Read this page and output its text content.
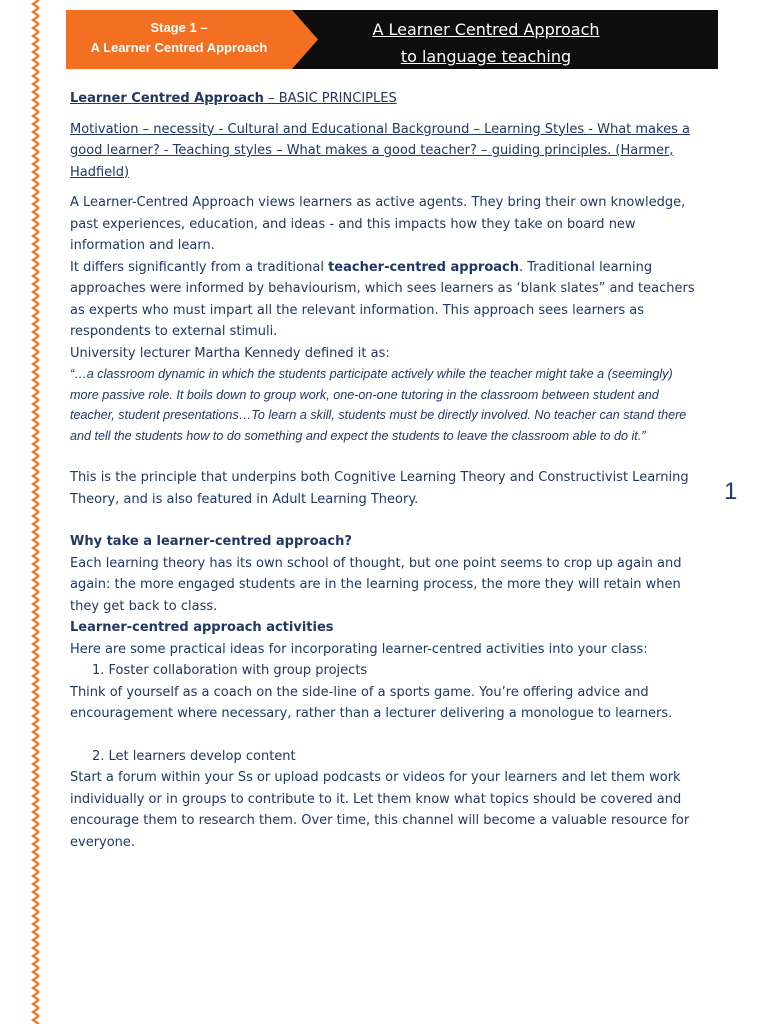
Stage 1 –
A Learner Centred Approach
A Learner Centred Approach
to language teaching

Learner Centred Approach – BASIC PRINCIPLES

Motivation – necessity - Cultural and Educational Background – Learning Styles - What makes a good learner? - Teaching styles – What makes a good teacher? – guiding principles. (Harmer, Hadfield)

A Learner-Centred Approach views learners as active agents. They bring their own knowledge, past experiences, education, and ideas - and this impacts how they take on board new information and learn.

It differs significantly from a traditional teacher-centred approach. Traditional learning approaches were informed by behaviourism, which sees learners as ‘blank slates” and teachers as experts who must impart all the relevant information. This approach sees learners as respondents to external stimuli.

University lecturer Martha Kennedy defined it as:

“…a classroom dynamic in which the students participate actively while the teacher might take a (seemingly) more passive role. It boils down to group work, one-on-one tutoring in the classroom between student and teacher, student presentations…To learn a skill, students must be directly involved. No teacher can stand there and tell the students how to do something and expect the students to leave the classroom able to do it.”

This is the principle that underpins both Cognitive Learning Theory and Constructivist Learning Theory, and is also featured in Adult Learning Theory.

Why take a learner-centred approach?

Each learning theory has its own school of thought, but one point seems to crop up again and again: the more engaged students are in the learning process, the more they will retain when they get back to class.

Learner-centred approach activities

Here are some practical ideas for incorporating learner-centred activities into your class:

1. Foster collaboration with group projects

Think of yourself as a coach on the side-line of a sports game. You’re offering advice and encouragement where necessary, rather than a lecturer delivering a monologue to learners.

2. Let learners develop content

Start a forum within your Ss or upload podcasts or videos for your learners and let them work individually or in groups to contribute to it. Let them know what topics should be covered and encourage them to research them. Over time, this channel will become a valuable resource for everyone.

1
